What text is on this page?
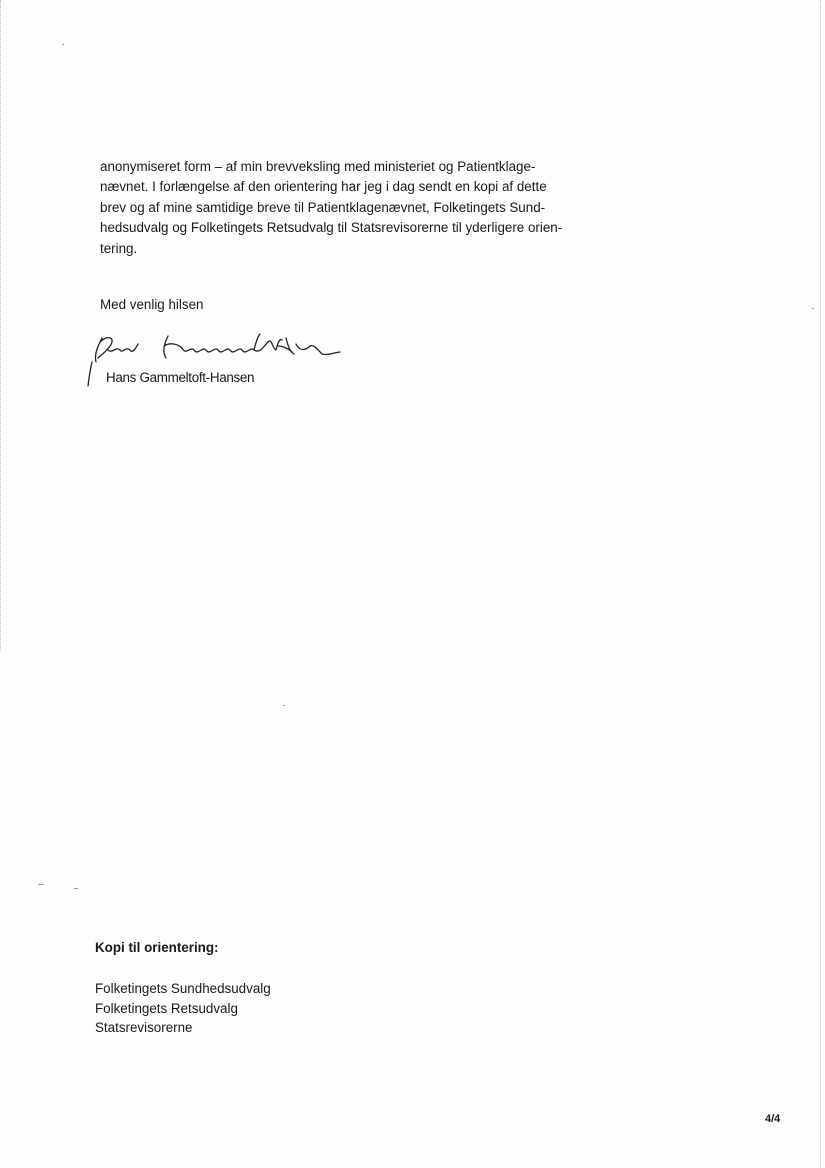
anonymiseret form – af min brevveksling med ministeriet og Patientklage-

nævnet. I forlængelse af den orientering har jeg i dag sendt en kopi af dette

brev og af mine samtidige breve til Patientklagenævnet, Folketingets Sund-

hedsudvalg og Folketingets Retsudvalg til Statsrevisorerne til yderligere orien-

tering.

Med venlig hilsen
Hans Gammeltoft-Hansen
Kopi til orientering:
Folketingets Sundhedsudvalg
Folketingets Retsudvalg
Statsrevisorerne
4/4
